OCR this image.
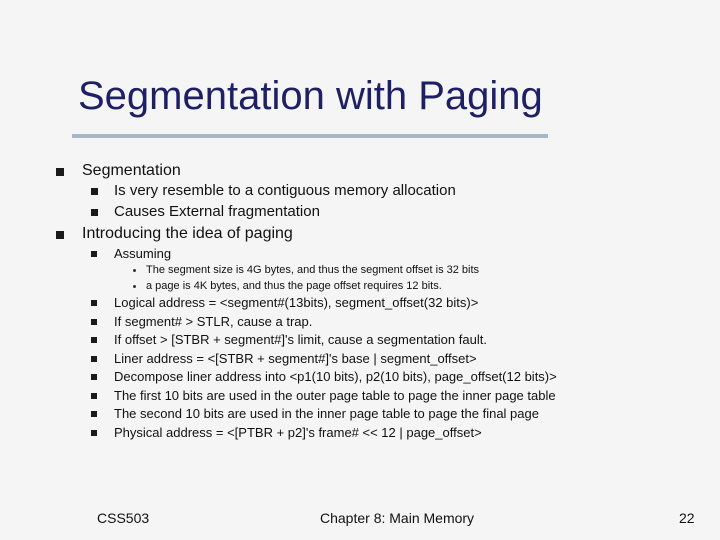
Segmentation with Paging
Segmentation
Is very resemble to a contiguous memory allocation
Causes External fragmentation
Introducing the idea of paging
Assuming
The segment size is 4G bytes, and thus the segment offset is 32 bits
a page is 4K bytes, and thus the page offset requires 12 bits.
Logical address = <segment#(13bits), segment_offset(32 bits)>
If segment# > STLR, cause a trap.
If offset > [STBR + segment#]'s limit, cause a segmentation fault.
Liner address = <[STBR + segment#]'s base | segment_offset>
Decompose liner address into <p1(10 bits), p2(10 bits), page_offset(12 bits)>
The first 10 bits are used in the outer page table to page the inner page table
The second 10 bits are used in the inner page table to page the final page
Physical address = <[PTBR + p2]'s frame# << 12 | page_offset>
CSS503	Chapter 8: Main Memory	22
